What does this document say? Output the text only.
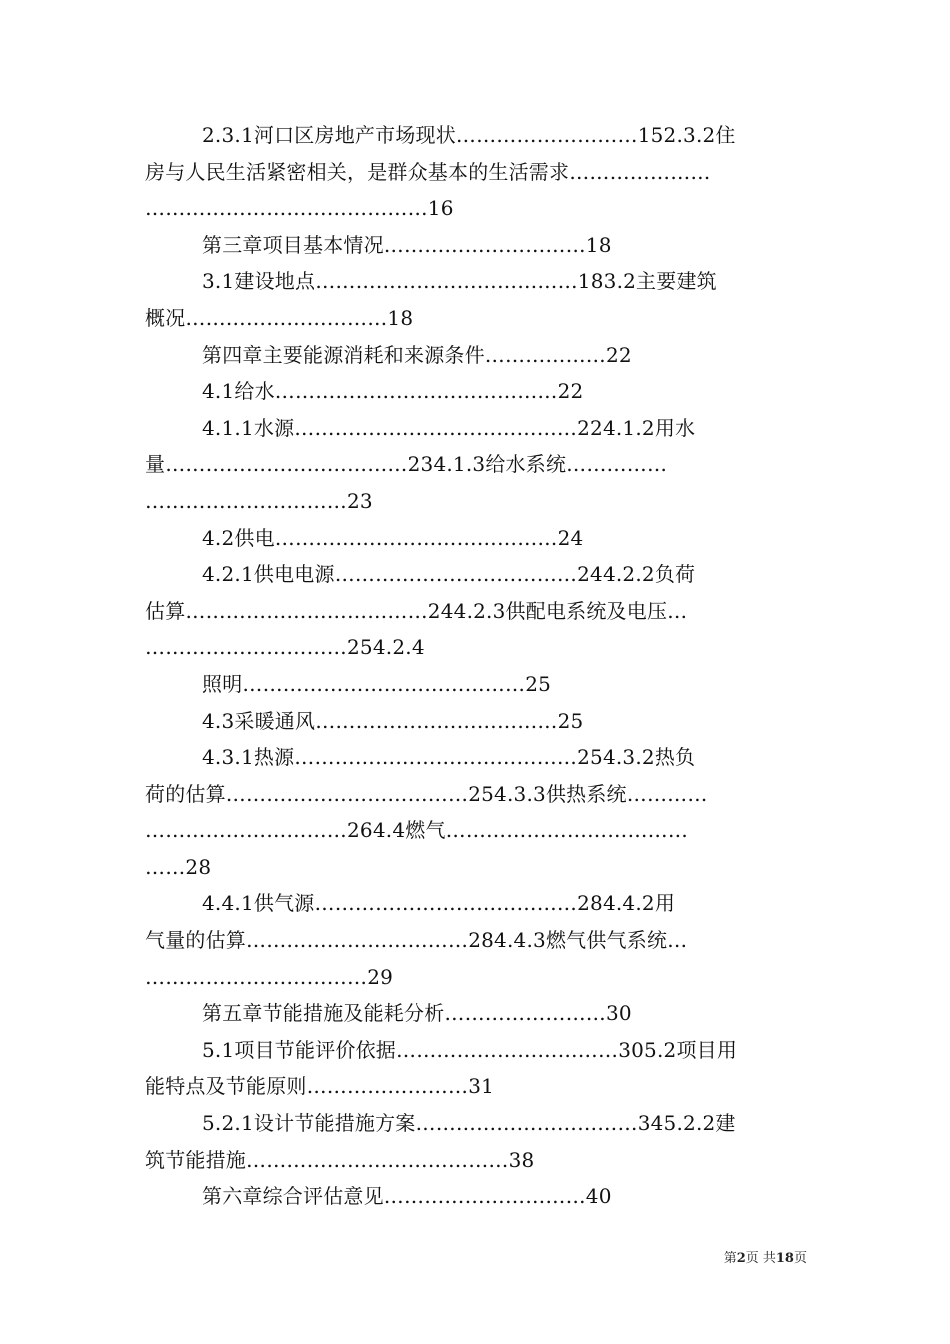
2.3.1河口区房地产市场现状………………………152.3.2住
房与人民生活紧密相关，是群众基本的生活需求…………………
……………………………………16
第三章项目基本情况…………………………18
3.1建设地点…………………………………183.2主要建筑
概况…………………………18
第四章主要能源消耗和来源条件………………22
4.1给水……………………………………22
4.1.1水源……………………………………224.1.2用水
量………………………………234.1.3给水系统……………
…………………………23
4.2供电……………………………………24
4.2.1供电电源………………………………244.2.2负荷
估算………………………………244.2.3供配电系统及电压…
…………………………254.2.4
照明……………………………………25
4.3采暖通风………………………………25
4.3.1热源……………………………………254.3.2热负
荷的估算………………………………254.3.3供热系统…………
…………………………264.4燃气………………………………
……28
4.4.1供气源…………………………………284.4.2用
气量的估算……………………………284.4.3燃气供气系统…
……………………………29
第五章节能措施及能耗分析……………………30
5.1项目节能评价依据……………………………305.2项目用
能特点及节能原则……………………31
5.2.1设计节能措施方案……………………………345.2.2建
筑节能措施…………………………………38
第六章综合评估意见…………………………40
第2页 共18页
